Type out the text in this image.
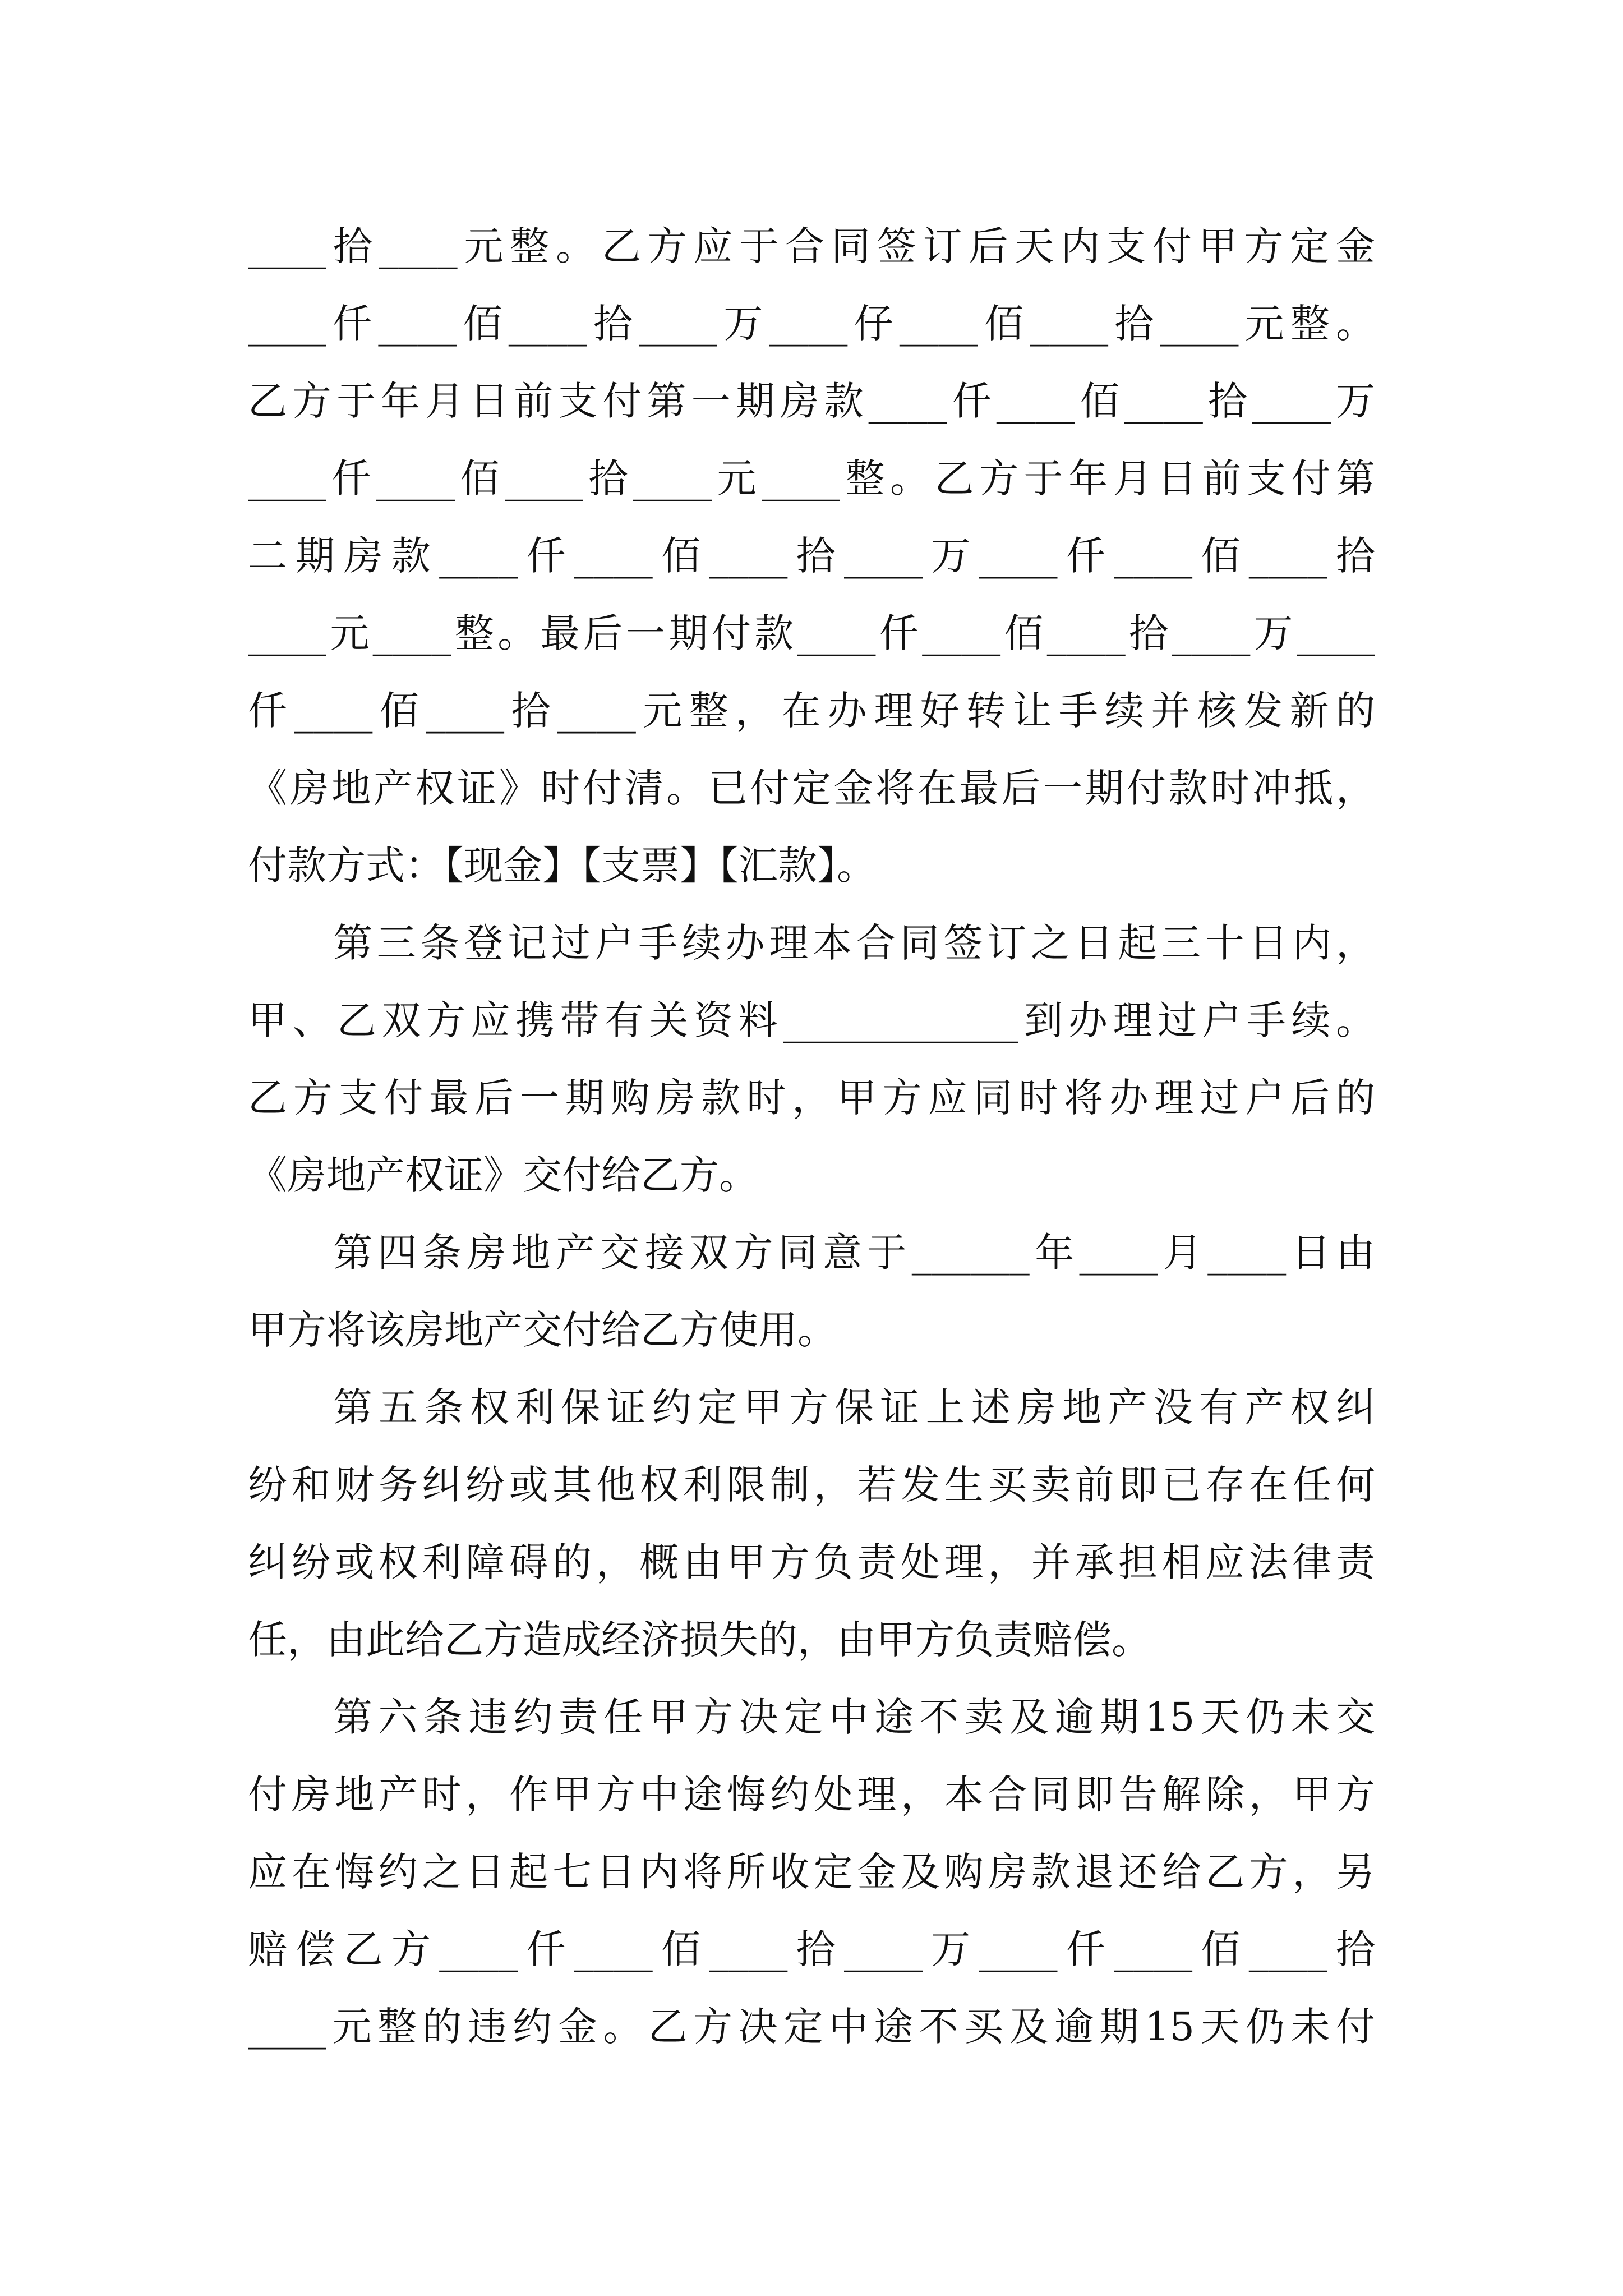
____拾____元整。乙方应于合同签订后天内支付甲方定金
____仟____佰____拾____万____仔____佰____拾____元整。
乙方于年月日前支付第一期房款____仟____佰____拾____万
____仟____佰____拾____元____整。乙方于年月日前支付第
二期房款____仟____佰____拾____万____仟____佰____拾
____元____整。最后一期付款____仟____佰____拾____万____
仟____佰____拾____元整，在办理好转让手续并核发新的
《房地产权证》时付清。已付定金将在最后一期付款时冲抵，
付款方式：【现金】【支票】【汇款】。
第三条登记过户手续办理本合同签订之日起三十日内，
甲、乙双方应携带有关资料____________到办理过户手续。
乙方支付最后一期购房款时，甲方应同时将办理过户后的
《房地产权证》交付给乙方。
第四条房地产交接双方同意于______年____月____日由
甲方将该房地产交付给乙方使用。
第五条权利保证约定甲方保证上述房地产没有产权纠
纷和财务纠纷或其他权利限制，若发生买卖前即已存在任何
纠纷或权利障碍的，概由甲方负责处理，并承担相应法律责
任，由此给乙方造成经济损失的，由甲方负责赔偿。
第六条违约责任甲方决定中途不卖及逾期15天仍未交
付房地产时，作甲方中途悔约处理，本合同即告解除，甲方
应在悔约之日起七日内将所收定金及购房款退还给乙方，另
赔偿乙方____仟____佰____拾____万____仟____佰____拾
____元整的违约金。乙方决定中途不买及逾期15天仍未付
